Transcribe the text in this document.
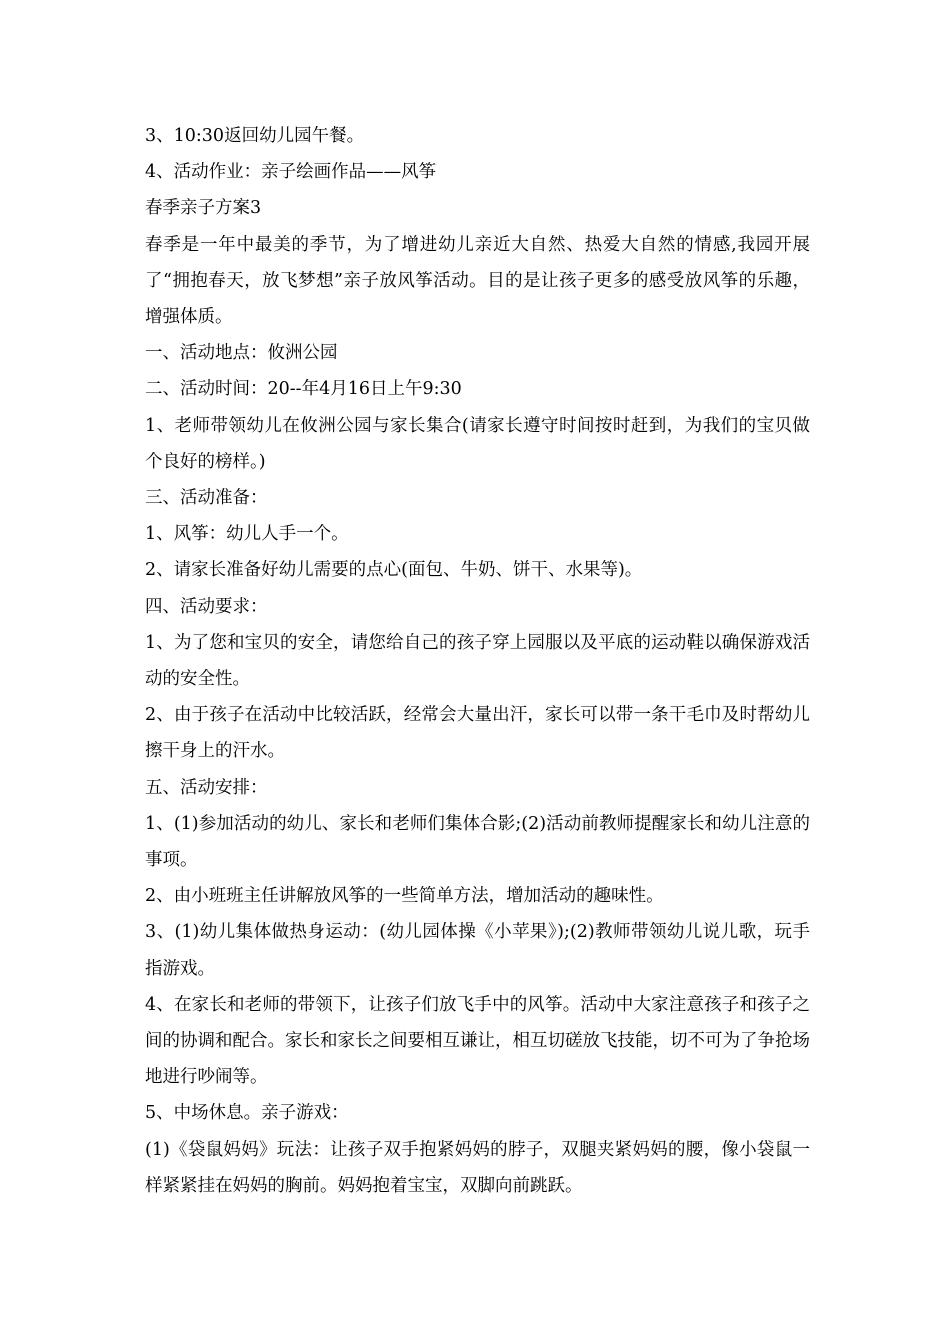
3、10:30返回幼儿园午餐。

4、活动作业：亲子绘画作品——风筝

春季亲子方案3

春季是一年中最美的季节，为了增进幼儿亲近大自然、热爱大自然的情感,我园开展了“拥抱春天，放飞梦想”亲子放风筝活动。目的是让孩子更多的感受放风筝的乐趣，增强体质。

一、活动地点：攸洲公园

二、活动时间：20--年4月16日上午9:30

1、老师带领幼儿在攸洲公园与家长集合(请家长遵守时间按时赶到，为我们的宝贝做个良好的榜样。)

三、活动准备：

1、风筝：幼儿人手一个。

2、请家长准备好幼儿需要的点心(面包、牛奶、饼干、水果等)。

四、活动要求：

1、为了您和宝贝的安全，请您给自己的孩子穿上园服以及平底的运动鞋以确保游戏活动的安全性。

2、由于孩子在活动中比较活跃，经常会大量出汗，家长可以带一条干毛巾及时帮幼儿擦干身上的汗水。

五、活动安排：

1、(1)参加活动的幼儿、家长和老师们集体合影;(2)活动前教师提醒家长和幼儿注意的事项。

2、由小班班主任讲解放风筝的一些简单方法，增加活动的趣味性。

3、(1)幼儿集体做热身运动：(幼儿园体操《小苹果》);(2)教师带领幼儿说儿歌，玩手指游戏。

4、在家长和老师的带领下，让孩子们放飞手中的风筝。活动中大家注意孩子和孩子之间的协调和配合。家长和家长之间要相互谦让，相互切磋放飞技能，切不可为了争抢场地进行吵闹等。

5、中场休息。亲子游戏：

(1)《袋鼠妈妈》玩法：让孩子双手抱紧妈妈的脖子，双腿夹紧妈妈的腰，像小袋鼠一样紧紧挂在妈妈的胸前。妈妈抱着宝宝，双脚向前跳跃。
